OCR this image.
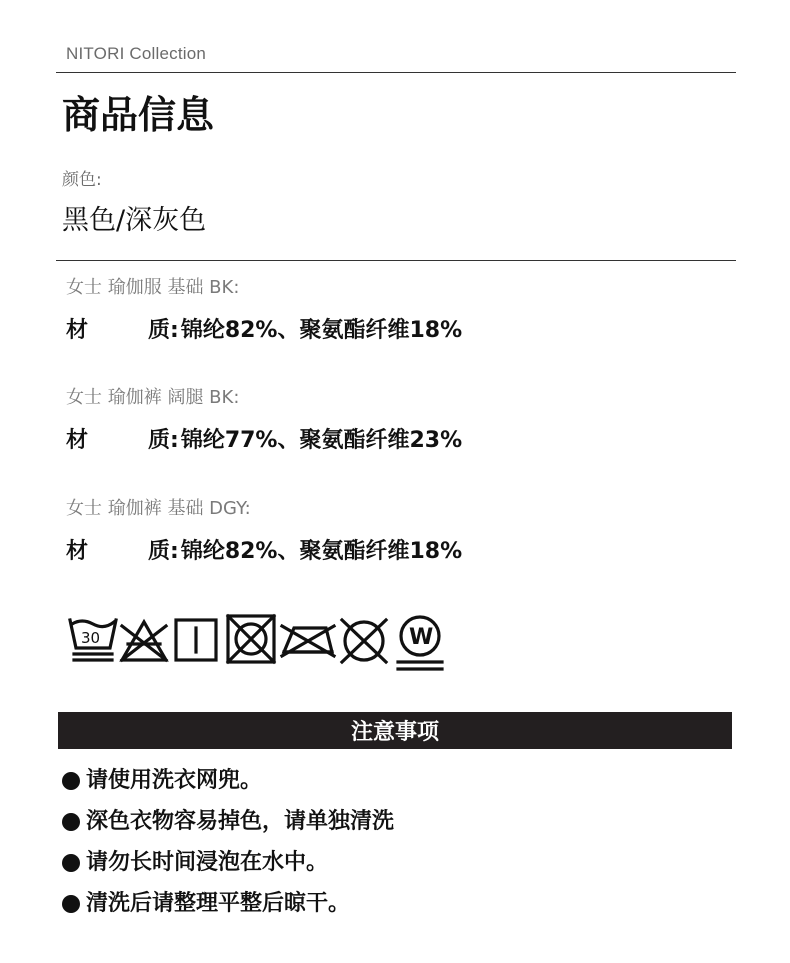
NITORI Collection
商品信息
颜色:
黑色/深灰色
女士 瑜伽服 基础 BK:
材	质: 锦纶82%、聚氨酯纤维18%
女士 瑜伽裤 阔腿 BK:
材	质: 锦纶77%、聚氨酯纤维23%
女士 瑜伽裤 基础 DGY:
材	质: 锦纶82%、聚氨酯纤维18%
30	W
注意事项
请使用洗衣网兜。
深色衣物容易掉色，请单独清洗
请勿长时间浸泡在水中。
清洗后请整理平整后晾干。
